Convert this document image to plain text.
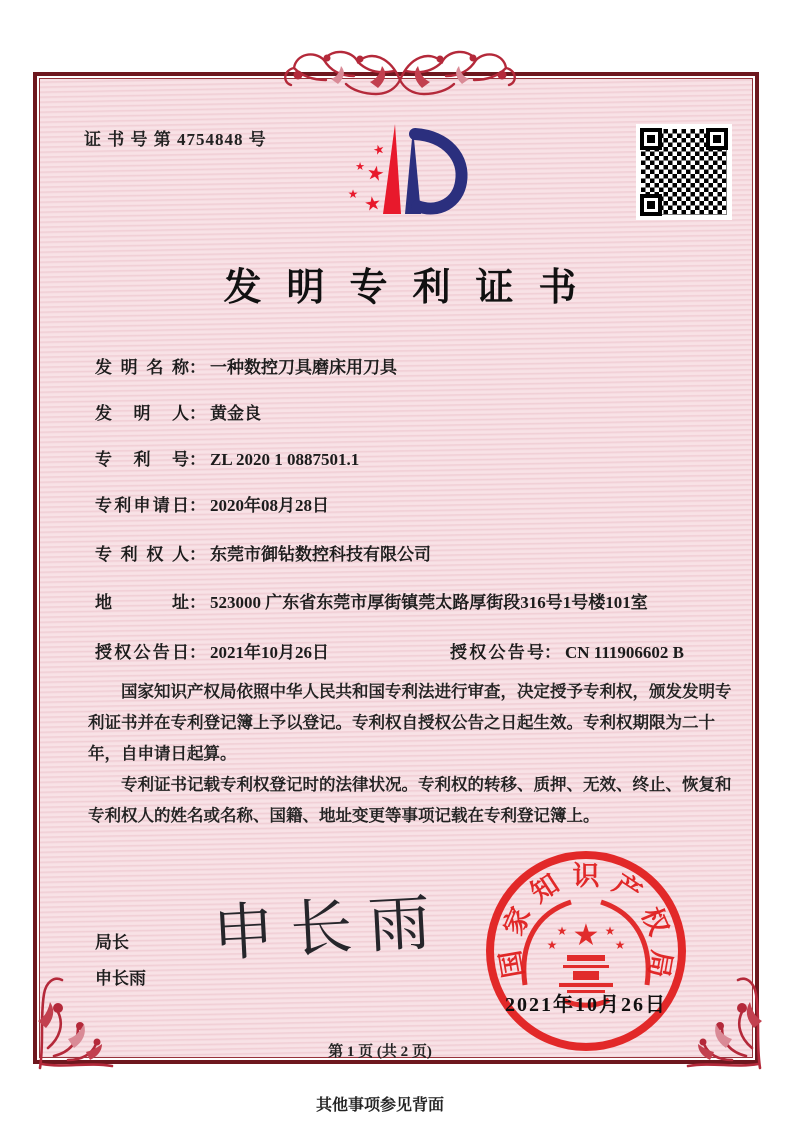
证 书 号 第 4754848 号
★
★ ★
★ ★
发明专利证书
发明名称 ： 一种数控刀具磨床用刀具
发明人 ： 黄金良
专利号 ： ZL 2020 1 0887501.1
专利申请日 ： 2020年08月28日
专利权人 ： 东莞市御钻数控科技有限公司
地址 ： 523000 广东省东莞市厚街镇莞太路厚街段316号1号楼101室
授权公告日 ： 2021年10月26日	授权公告号 ： CN 111906602 B

国家知识产权局依照中华人民共和国专利法进行审查，决定授予专利权，颁发发明专利证书并在专利登记簿上予以登记。专利权自授权公告之日起生效。专利权期限为二十年，自申请日起算。

专利证书记载专利权登记时的法律状况。专利权的转移、质押、无效、终止、恢复和专利权人的姓名或名称、国籍、地址变更等事项记载在专利登记簿上。

局长
申长雨
申长雨 国
家
知 识 产
权
局
★
★	★
★	★
2021年10月26日
第 1 页 (共 2 页)
其他事项参见背面
